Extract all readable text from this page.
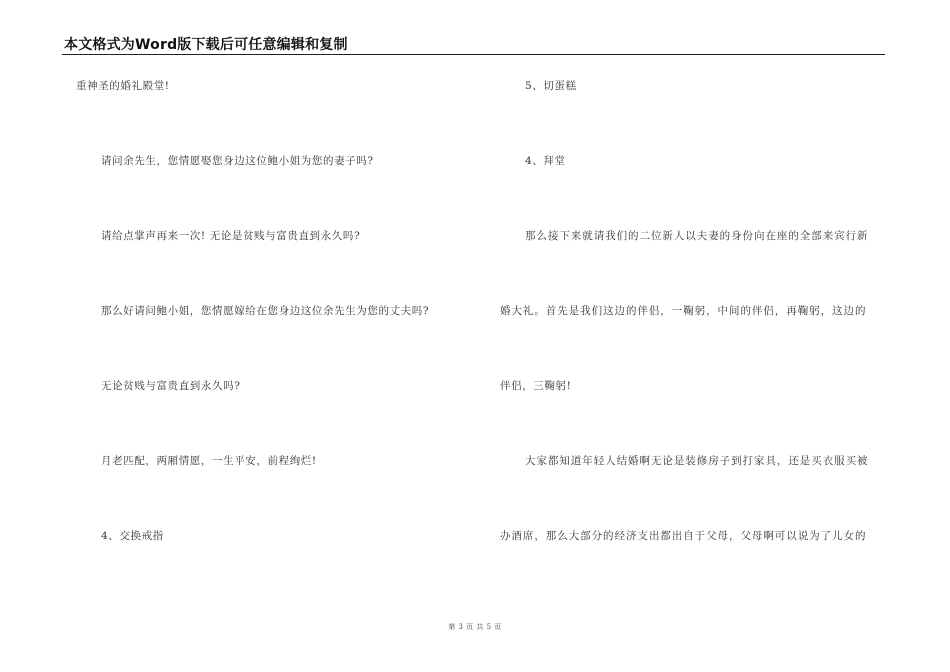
本文格式为Word版下载后可任意编辑和复制
重神圣的婚礼殿堂!
请问余先生，您情愿娶您身边这位鲍小姐为您的妻子吗?
请给点掌声再来一次! 无论是贫贱与富贵直到永久吗?
那么好请问鲍小姐，您情愿嫁给在您身边这位余先生为您的丈夫吗?
无论贫贱与富贵直到永久吗?
月老匹配，两厢情愿，一生平安，前程绚烂!
4、交换戒指
5、切蛋糕
4、拜堂
那么接下来就请我们的二位新人以夫妻的身份向在座的全部来宾行新
婚大礼。首先是我们这边的伴侣，一鞠躬，中间的伴侣，再鞠躬，这边的
伴侣，三鞠躬!
大家都知道年轻人结婚啊无论是装修房子到打家具，还是买衣服买被
办酒席，那么大部分的经济支出都出自于父母，父母啊可以说为了儿女的
第 3 页 共 5 页
